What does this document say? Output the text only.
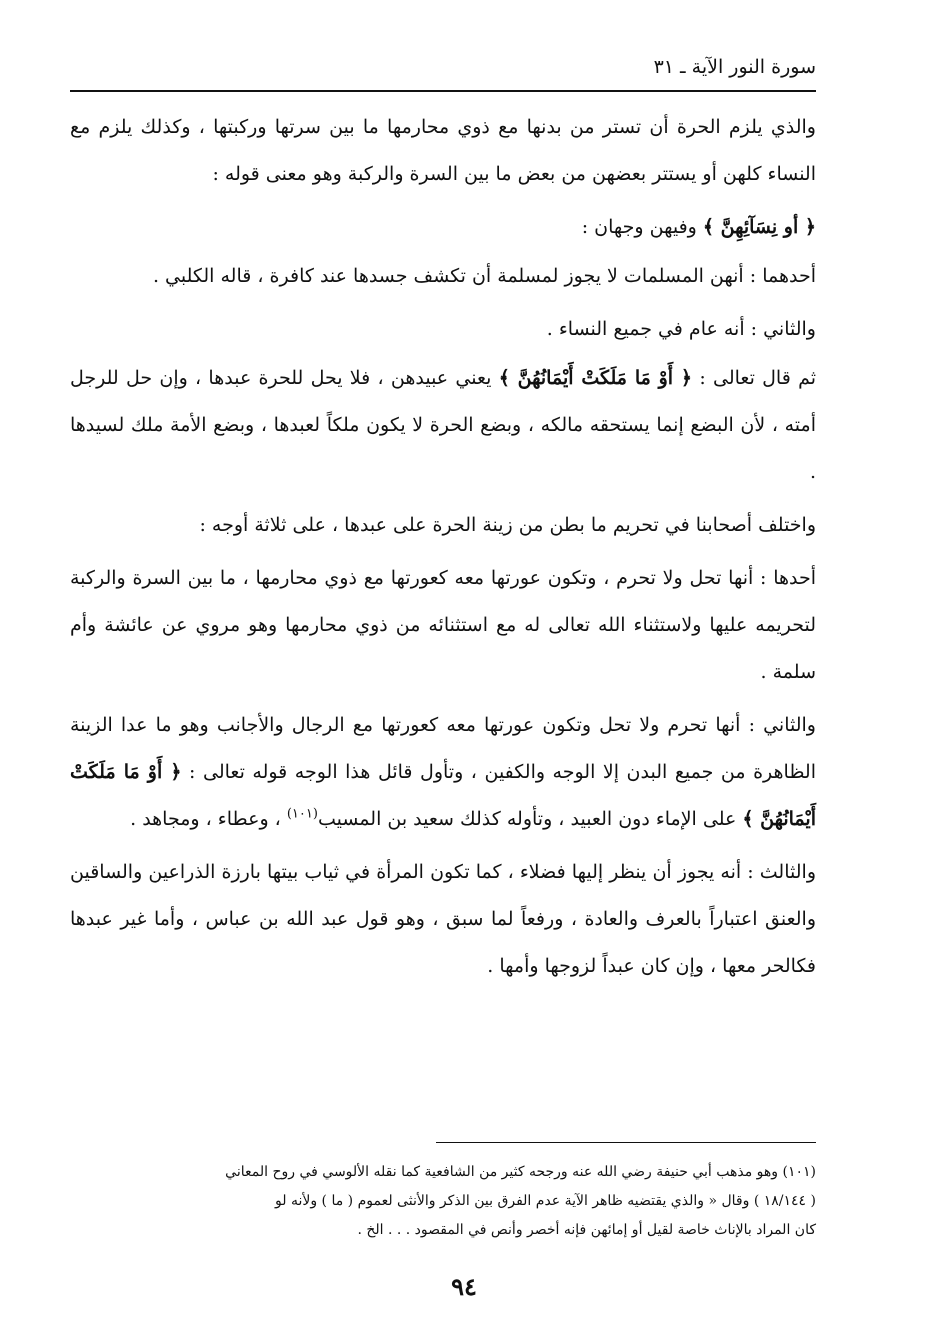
سورة النور الآية ـ ٣١

والذي يلزم الحرة أن تستر من بدنها مع ذوي محارمها ما بين سرتها وركبتها ، وكذلك يلزم مع النساء كلهن أو يستتر بعضهن من بعض ما بين السرة والركبة وهو معنى قوله :

﴿ أو نِسَآئِهِنَّ ﴾ وفيهن وجهان :

أحدهما : أنهن المسلمات لا يجوز لمسلمة أن تكشف جسدها عند كافرة ، قاله الكلبي .

والثاني : أنه عام في جميع النساء .

ثم قال تعالى : ﴿ أَوْ مَا مَلَكَتْ أَيْمَانُهُنَّ ﴾ يعني عبيدهن ، فلا يحل للحرة عبدها ، وإن حل للرجل أمته ، لأن البضع إنما يستحقه مالكه ، وبضع الحرة لا يكون ملكاً لعبدها ، وبضع الأمة ملك لسيدها .

واختلف أصحابنا في تحريم ما بطن من زينة الحرة على عبدها ، على ثلاثة أوجه :

أحدها : أنها تحل ولا تحرم ، وتكون عورتها معه كعورتها مع ذوي محارمها ، ما بين السرة والركبة لتحريمه عليها ولاستثناء الله تعالى له مع استثنائه من ذوي محارمها وهو مروي عن عائشة وأم سلمة .

والثاني : أنها تحرم ولا تحل وتكون عورتها معه كعورتها مع الرجال والأجانب وهو ما عدا الزينة الظاهرة من جميع البدن إلا الوجه والكفين ، وتأول قائل هذا الوجه قوله تعالى : ﴿ أَوْ مَا مَلَكَتْ أَيْمَانُهُنَّ ﴾ على الإماء دون العبيد ، وتأوله كذلك سعيد بن المسيب$^{(١٠١)}$ ، وعطاء ، ومجاهد .

والثالث : أنه يجوز أن ينظر إليها فضلاء ، كما تكون المرأة في ثياب بيتها بارزة الذراعين والساقين والعنق اعتباراً بالعرف والعادة ، ورفعاً لما سبق ، وهو قول عبد الله بن عباس ، وأما غير عبدها فكالحر معها ، وإن كان عبداً لزوجها وأمها .

(١٠١) وهو مذهب أبي حنيفة رضي الله عنه ورجحه كثير من الشافعية كما نقله الألوسي في روح المعاني

( ١٨/١٤٤ ) وقال « والذي يقتضيه ظاهر الآية عدم الفرق بين الذكر والأنثى لعموم ( ما ) ولأنه لو

كان المراد بالإناث خاصة لقيل أو إمائهن فإنه أخصر وأنص في المقصود . . . الخ .

٩٤
